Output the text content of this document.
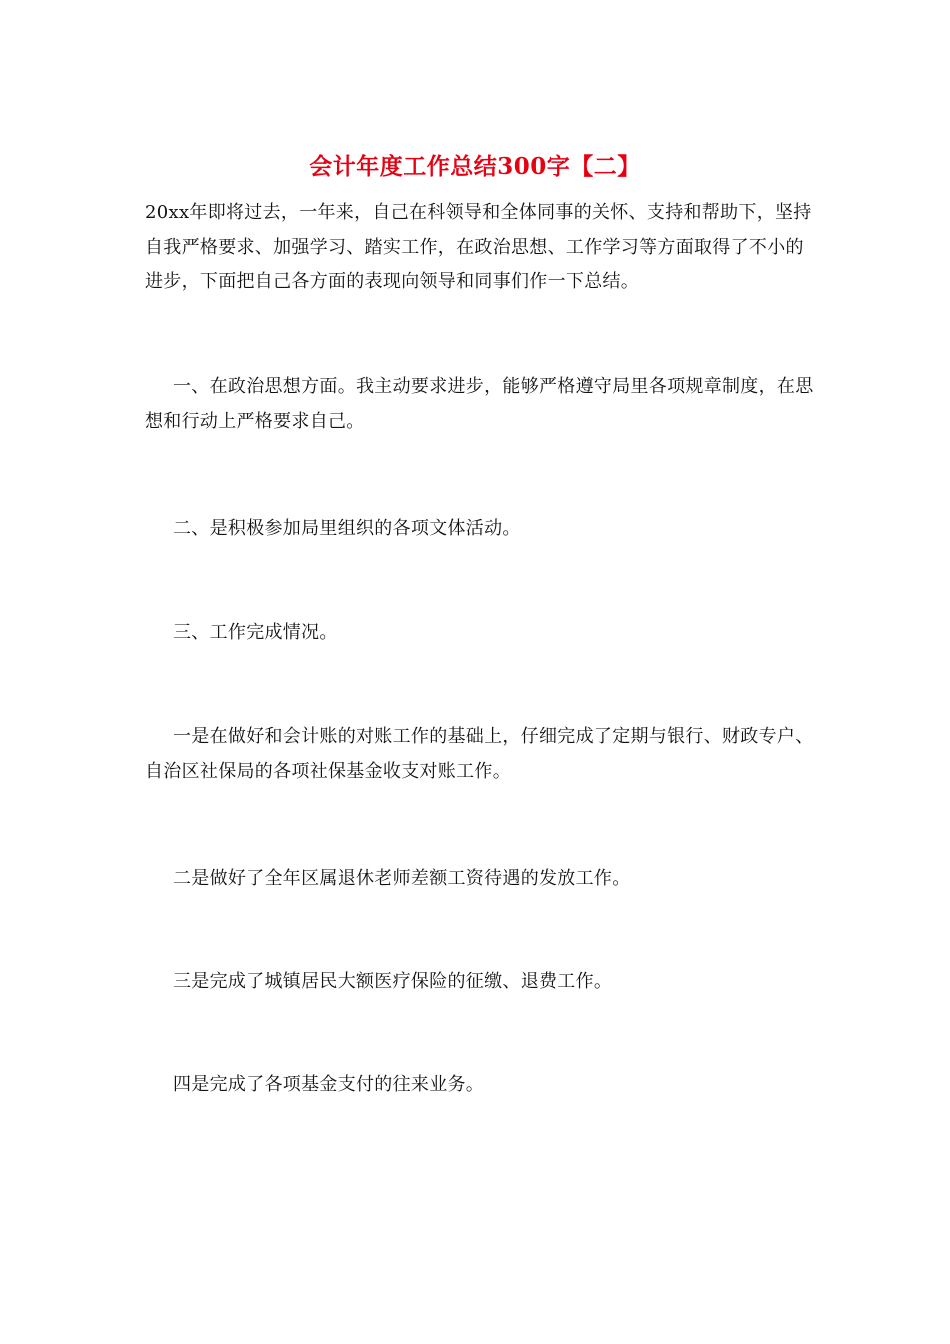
会计年度工作总结300字【二】

20xx年即将过去，一年来，自己在科领导和全体同事的关怀、支持和帮助下，坚持自我严格要求、加强学习、踏实工作，在政治思想、工作学习等方面取得了不小的进步，下面把自己各方面的表现向领导和同事们作一下总结。

一、在政治思想方面。我主动要求进步，能够严格遵守局里各项规章制度，在思想和行动上严格要求自己。

二、是积极参加局里组织的各项文体活动。

三、工作完成情况。

一是在做好和会计账的对账工作的基础上，仔细完成了定期与银行、财政专户、自治区社保局的各项社保基金收支对账工作。

二是做好了全年区属退休老师差额工资待遇的发放工作。

三是完成了城镇居民大额医疗保险的征缴、退费工作。

四是完成了各项基金支付的往来业务。
